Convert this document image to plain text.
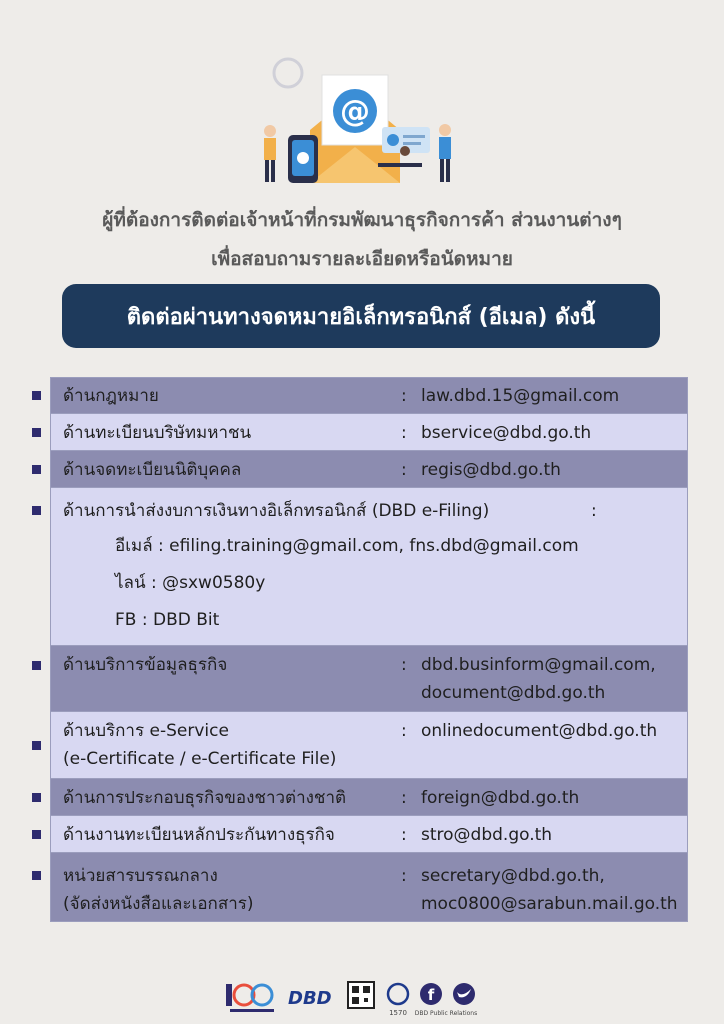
@
ผู้ที่ต้องการติดต่อเจ้าหน้าที่กรมพัฒนาธุรกิจการค้า ส่วนงานต่างๆ
เพื่อสอบถามรายละเอียดหรือนัดหมาย
ติดต่อผ่านทางจดหมายอิเล็กทรอนิกส์ (อีเมล) ดังนี้
ด้านกฎหมาย	: law.dbd.15@gmail.com
ด้านทะเบียนบริษัทมหาชน	: bservice@dbd.go.th
ด้านจดทะเบียนนิติบุคคล	: regis@dbd.go.th
ด้านการนำส่งงบการเงินทางอิเล็กทรอนิกส์ (DBD e-Filing)	:
อีเมล์ : efiling.training@gmail.com, fns.dbd@gmail.com
ไลน์ : @sxw0580y
FB : DBD Bit
ด้านบริการข้อมูลธุรกิจ	: dbd.businform@gmail.com,
document@dbd.go.th
ด้านบริการ e-Service
(e-Certificate / e-Certificate File)
: onlinedocument@dbd.go.th
ด้านการประกอบธุรกิจของชาวต่างชาติ	: foreign@dbd.go.th
ด้านงานทะเบียนหลักประกันทางธุรกิจ	: stro@dbd.go.th
หน่วยสารบรรณกลาง
(จัดส่งหนังสือและเอกสาร)
: secretary@dbd.go.th,
moc0800@sarabun.mail.go.th
DBD
1570
f
DBD Public Relations
